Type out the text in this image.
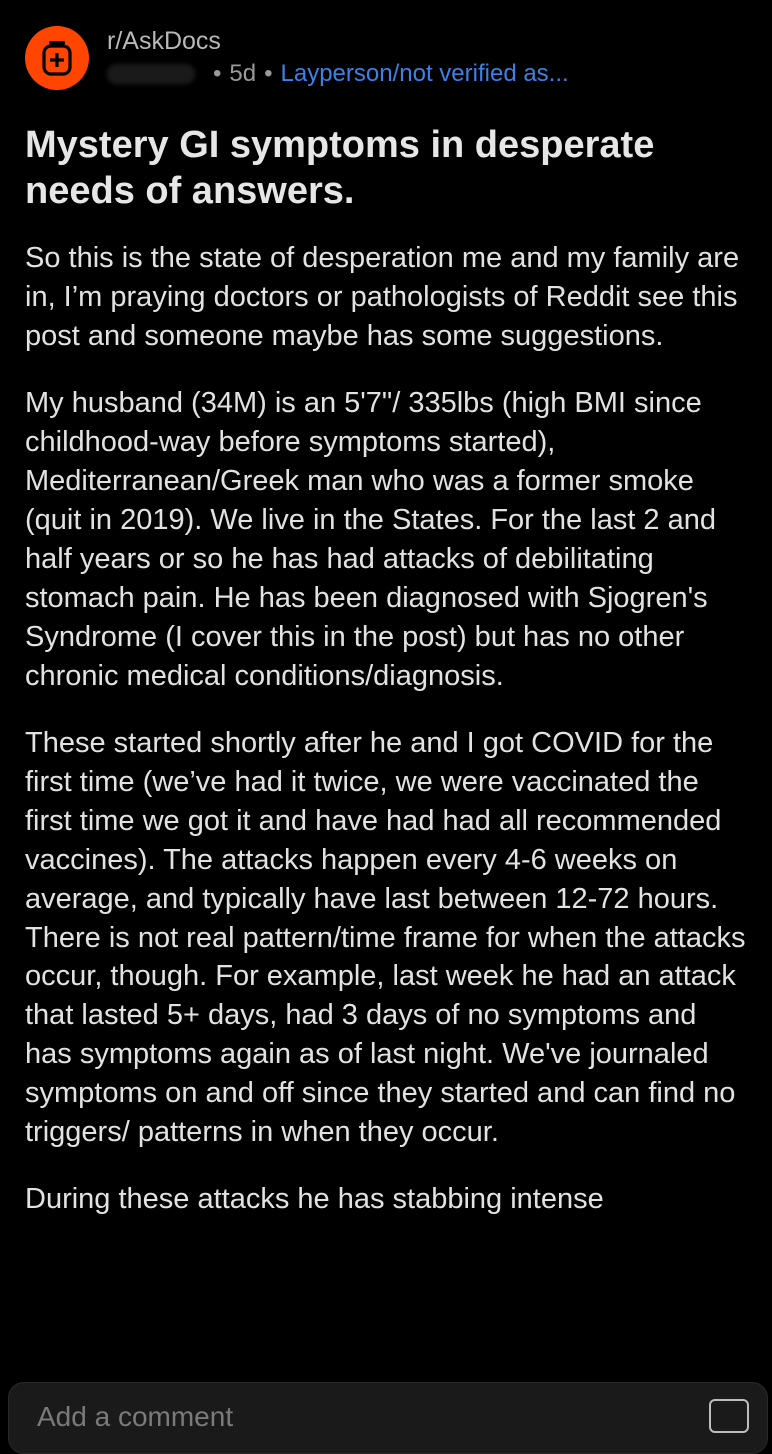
r/AskDocs
• 5d • Layperson/not verified as...
Mystery GI symptoms in desperate needs of answers.

So this is the state of desperation me and my family are in, I’m praying doctors or pathologists of Reddit see this post and someone maybe has some suggestions.

My husband (34M) is an 5'7"/ 335lbs (high BMI since childhood-way before symptoms started), Mediterranean/Greek man who was a former smoke (quit in 2019). We live in the States. For the last 2 and half years or so he has had attacks of debilitating stomach pain. He has been diagnosed with Sjogren's Syndrome (I cover this in the post) but has no other chronic medical conditions/diagnosis.

These started shortly after he and I got COVID for the first time (we’ve had it twice, we were vaccinated the first time we got it and have had had all recommended vaccines). The attacks happen every 4-6 weeks on average, and typically have last between 12-72 hours. There is not real pattern/time frame for when the attacks occur, though. For example, last week he had an attack that lasted 5+ days, had 3 days of no symptoms and has symptoms again as of last night. We've journaled symptoms on and off since they started and can find no triggers/ patterns in when they occur.

During these attacks he has stabbing intense

Add a comment
